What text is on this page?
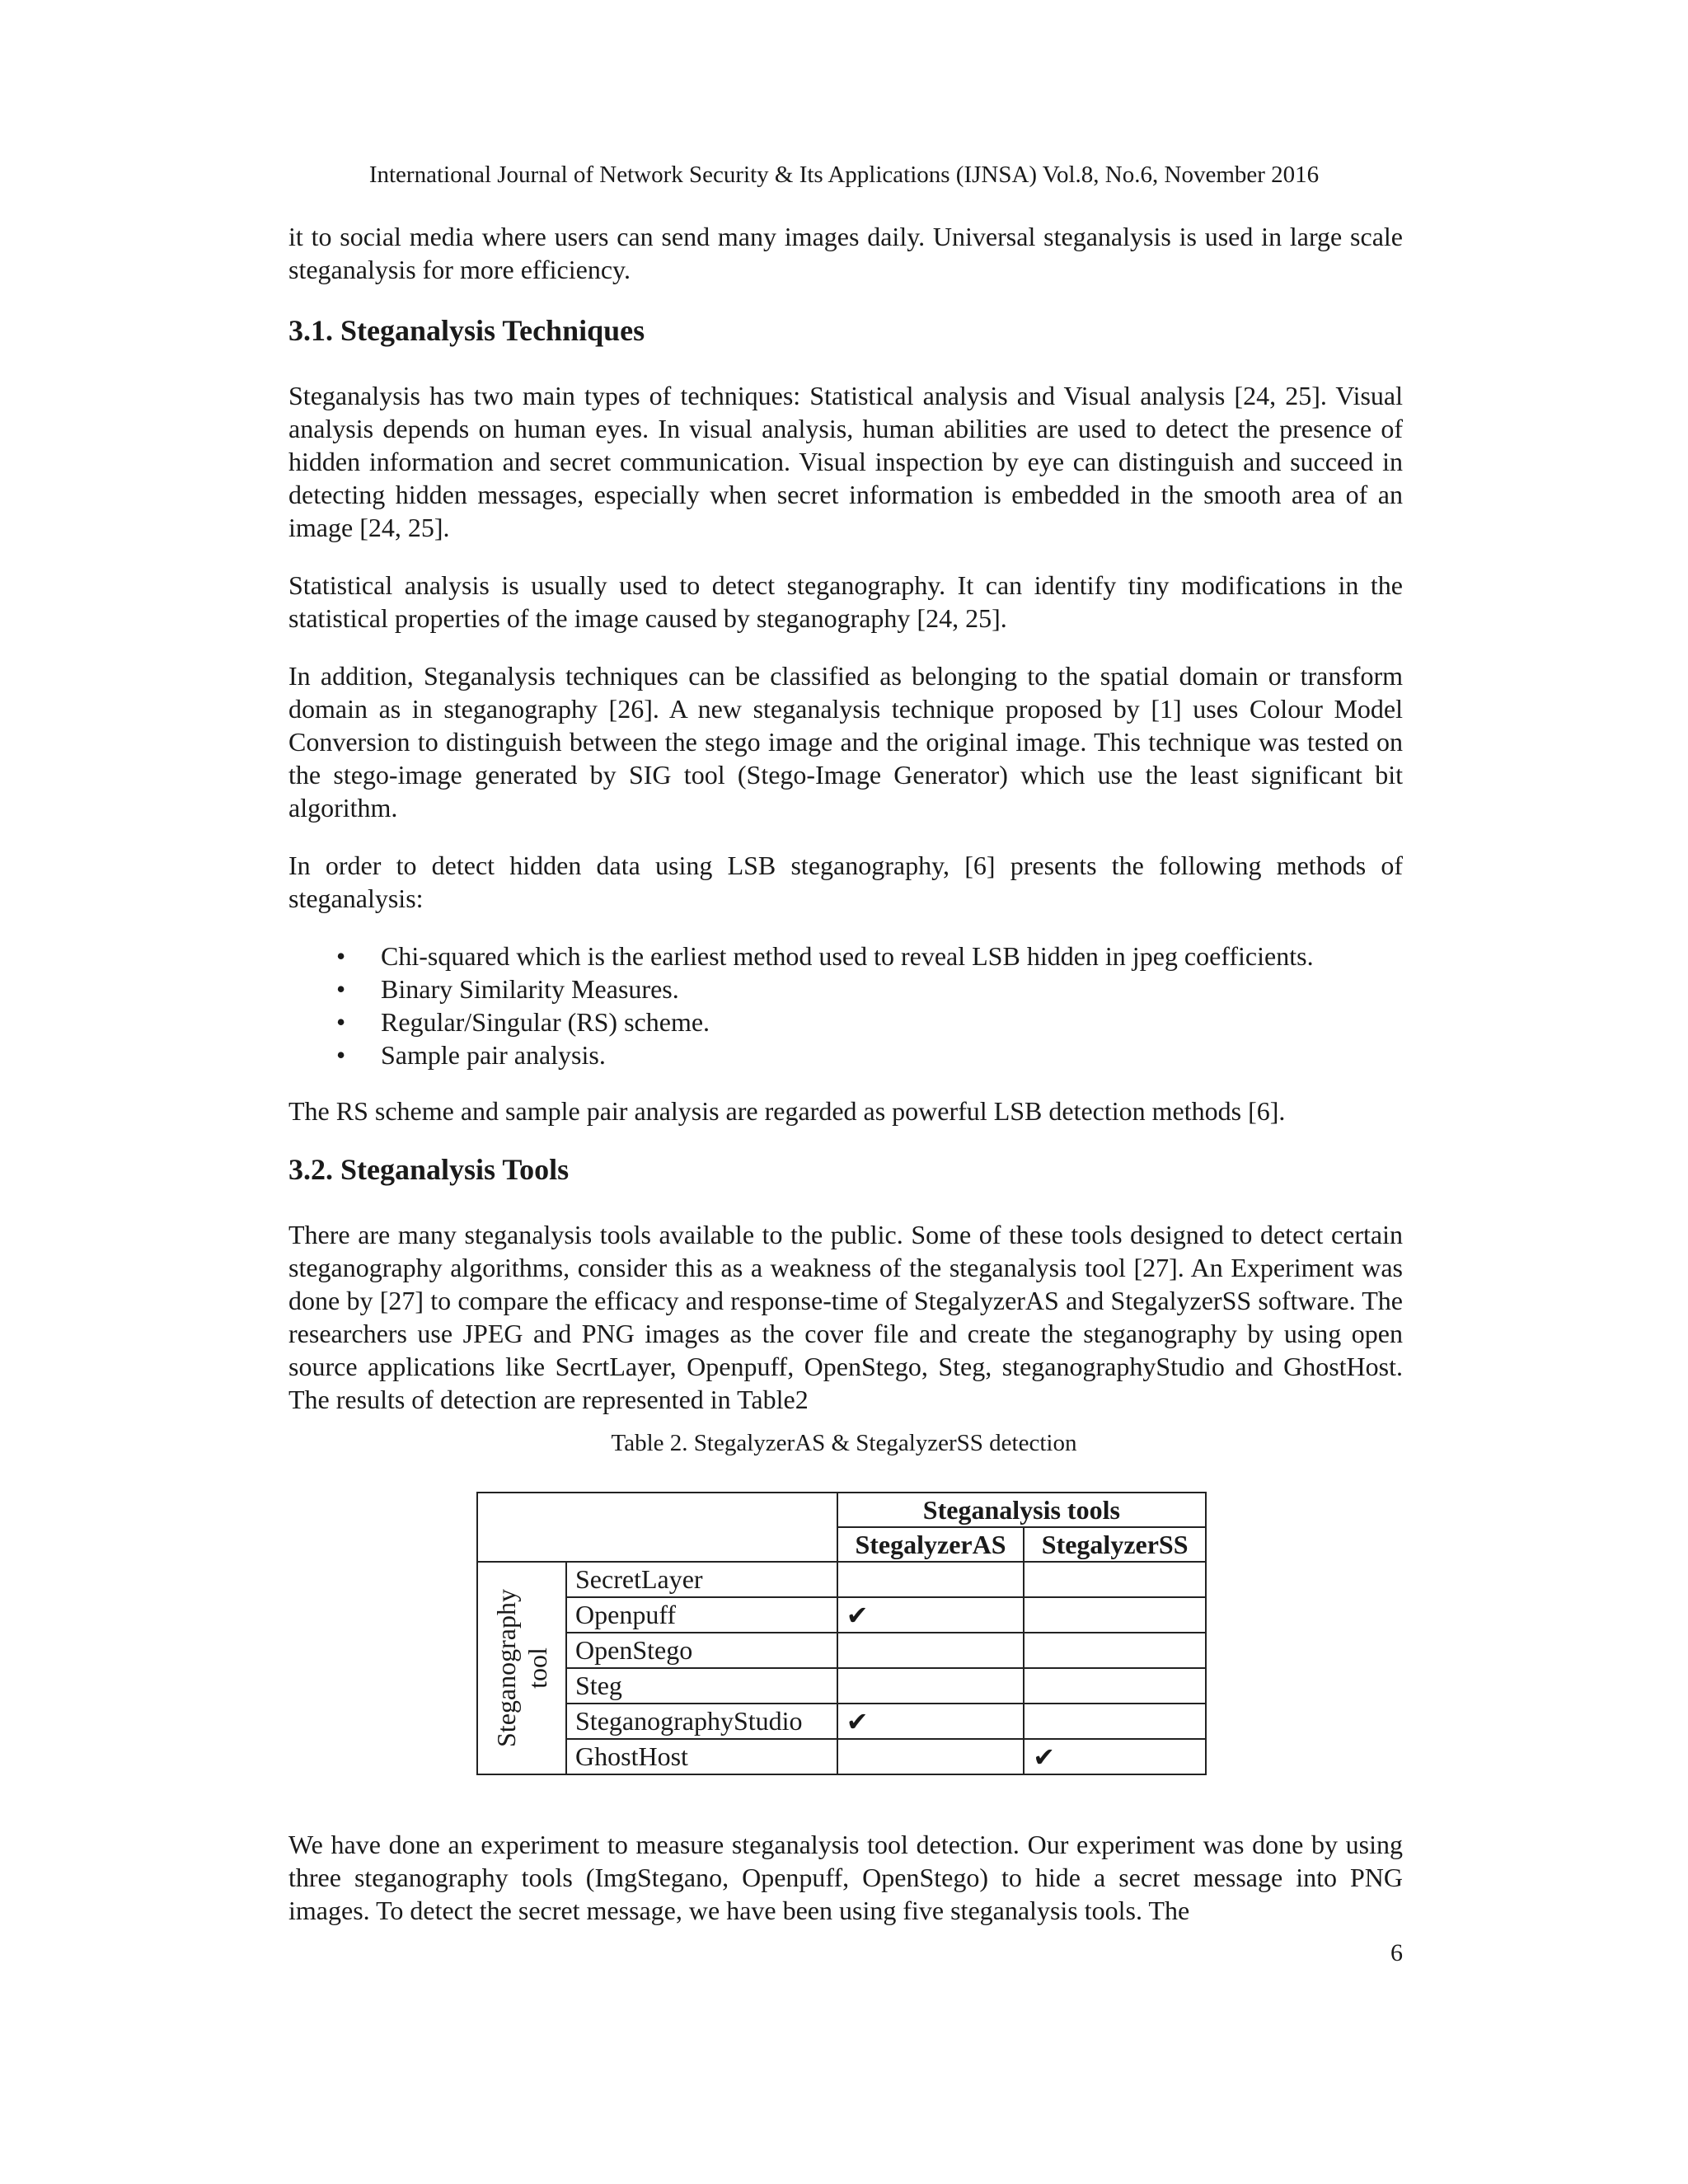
International Journal of Network Security & Its Applications (IJNSA) Vol.8, No.6, November 2016

it to social media where users can send many images daily. Universal steganalysis is used in large scale steganalysis for more efficiency.

3.1. Steganalysis Techniques

Steganalysis has two main types of techniques: Statistical analysis and Visual analysis [24, 25]. Visual analysis depends on human eyes. In visual analysis, human abilities are used to detect the presence of hidden information and secret communication. Visual inspection by eye can distinguish and succeed in detecting hidden messages, especially when secret information is embedded in the smooth area of an image [24, 25].

Statistical analysis is usually used to detect steganography. It can identify tiny modifications in the statistical properties of the image caused by steganography [24, 25].

In addition, Steganalysis techniques can be classified as belonging to the spatial domain or transform domain as in steganography [26]. A new steganalysis technique proposed by [1] uses Colour Model Conversion to distinguish between the stego image and the original image. This technique was tested on the stego-image generated by SIG tool (Stego-Image Generator) which use the least significant bit algorithm.

In order to detect hidden data using LSB steganography, [6] presents the following methods of steganalysis:

• Chi-squared which is the earliest method used to reveal LSB hidden in jpeg coefficients.
• Binary Similarity Measures.
• Regular/Singular (RS) scheme.
• Sample pair analysis.

The RS scheme and sample pair analysis are regarded as powerful LSB detection methods [6].

3.2. Steganalysis Tools

There are many steganalysis tools available to the public. Some of these tools designed to detect certain steganography algorithms, consider this as a weakness of the steganalysis tool [27]. An Experiment was done by [27] to compare the efficacy and response-time of StegalyzerAS and StegalyzerSS software. The researchers use JPEG and PNG images as the cover file and create the steganography by using open source applications like SecrtLayer, Openpuff, OpenStego, Steg, steganographyStudio and GhostHost. The results of detection are represented in Table2

Table 2. StegalyzerAS & StegalyzerSS detection
		Steganalysis tools	
		StegalyzerAS	StegalyzerSS

Steganography tool	SecretLayer		
	Openpuff	✔	
	OpenStego		
	Steg		
	SteganographyStudio	✔	
	GhostHost		✔

We have done an experiment to measure steganalysis tool detection. Our experiment was done by using three steganography tools (ImgStegano, Openpuff, OpenStego) to hide a secret message into PNG images. To detect the secret message, we have been using five steganalysis tools. The

6
